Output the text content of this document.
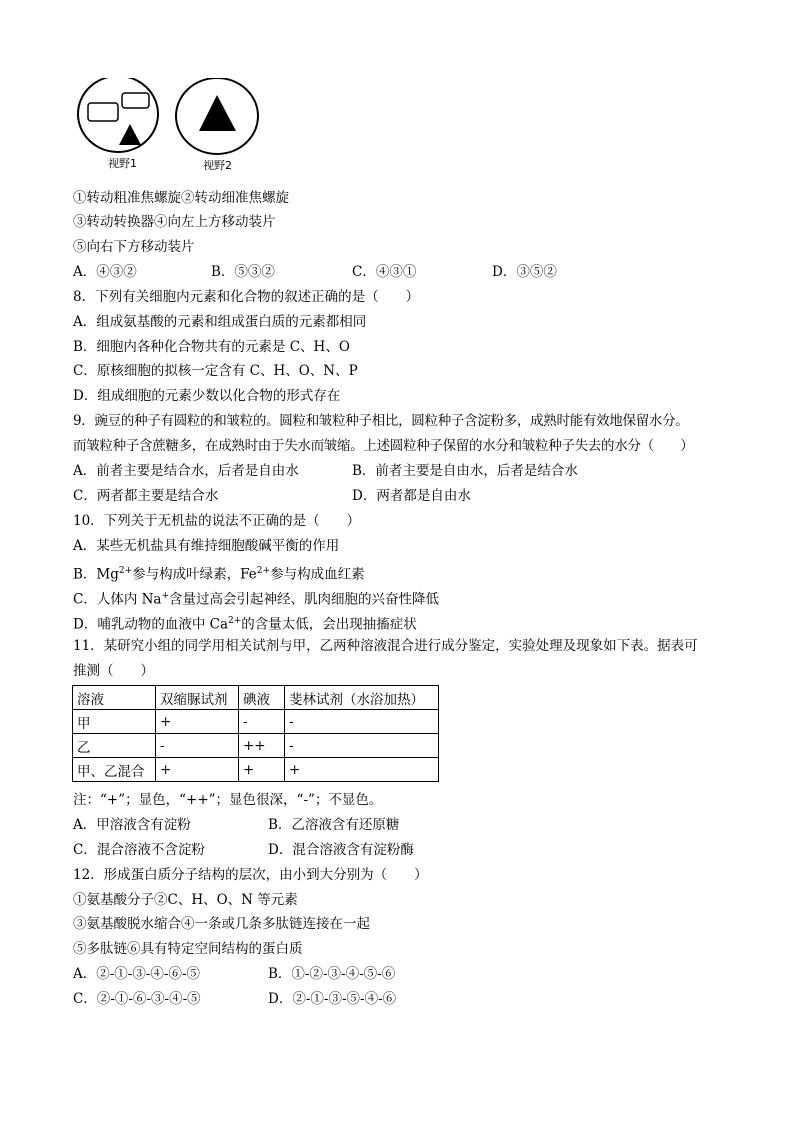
视野1	视野2
①转动粗准焦螺旋②转动细准焦螺旋
③转动转换器④向左上方移动装片
⑤向右下方移动装片
A．④③②	B．⑤③②	C．④③①	D．③⑤②
8．下列有关细胞内元素和化合物的叙述正确的是（　　）
A．组成氨基酸的元素和组成蛋白质的元素都相同
B．细胞内各种化合物共有的元素是 C、H、O
C．原核细胞的拟核一定含有 C、H、O、N、P
D．组成细胞的元素少数以化合物的形式存在
9．豌豆的种子有圆粒的和皱粒的。圆粒和皱粒种子相比，圆粒种子含淀粉多，成熟时能有效地保留水分。
而皱粒种子含蔗糖多，在成熟时由于失水而皱缩。上述圆粒种子保留的水分和皱粒种子失去的水分（　　）
A．前者主要是结合水，后者是自由水	B．前者主要是自由水，后者是结合水
C．两者都主要是结合水	D．两者都是自由水
10．下列关于无机盐的说法不正确的是（　　）
A．某些无机盐具有维持细胞酸碱平衡的作用
B．$Mg^{2+}$参与构成叶绿素，$Fe^{2+}$参与构成血红素
C．人体内 Na+含量过高会引起神经、肌肉细胞的兴奋性降低
D．哺乳动物的血液中 $Ca^{2+}$的含量太低，会出现抽搐症状
11．某研究小组的同学用相关试剂与甲，乙两种溶液混合进行成分鉴定，实验处理及现象如下表。据表可
推测（　　）
溶液	双缩脲试剂	碘液	斐林试剂（水浴加热）
甲	+	-	-
乙	-	++	-
甲、乙混合	+	+	+
注：“+”；显色，“++”；显色很深，“-”；不显色。
A．甲溶液含有淀粉	B．乙溶液含有还原糖
C．混合溶液不含淀粉	D．混合溶液含有淀粉酶
12．形成蛋白质分子结构的层次，由小到大分别为（　　）
①氨基酸分子②C、H、O、N 等元素
③氨基酸脱水缩合④一条或几条多肽链连接在一起
⑤多肽链⑥具有特定空间结构的蛋白质
A．②-①-③-④-⑥-⑤	B．①-②-③-④-⑤-⑥
C．②-①-⑥-③-④-⑤	D．②-①-③-⑤-④-⑥
